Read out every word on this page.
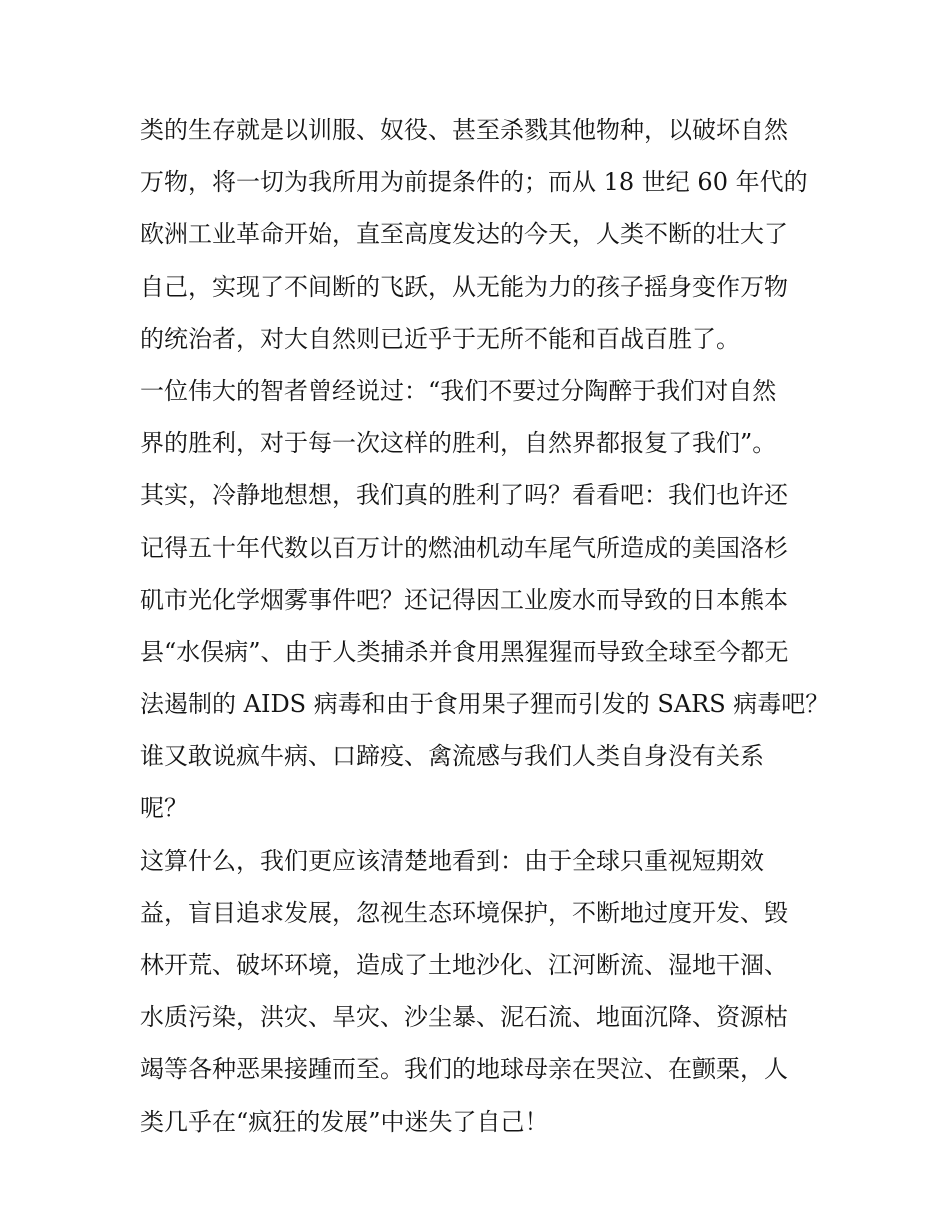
类的生存就是以训服、奴役、甚至杀戮其他物种，以破坏自然
万物，将一切为我所用为前提条件的；而从 18 世纪 60 年代的
欧洲工业革命开始，直至高度发达的今天，人类不断的壮大了
自己，实现了不间断的飞跃，从无能为力的孩子摇身变作万物
的统治者，对大自然则已近乎于无所不能和百战百胜了。
一位伟大的智者曾经说过：“我们不要过分陶醉于我们对自然
界的胜利，对于每一次这样的胜利，自然界都报复了我们”。
其实，冷静地想想，我们真的胜利了吗？看看吧：我们也许还
记得五十年代数以百万计的燃油机动车尾气所造成的美国洛杉
矶市光化学烟雾事件吧？还记得因工业废水而导致的日本熊本
县“水俣病”、由于人类捕杀并食用黑猩猩而导致全球至今都无
法遏制的 AIDS 病毒和由于食用果子狸而引发的 SARS 病毒吧？
谁又敢说疯牛病、口蹄疫、禽流感与我们人类自身没有关系
呢？
这算什么，我们更应该清楚地看到：由于全球只重视短期效
益，盲目追求发展，忽视生态环境保护，不断地过度开发、毁
林开荒、破坏环境，造成了土地沙化、江河断流、湿地干涸、
水质污染，洪灾、旱灾、沙尘暴、泥石流、地面沉降、资源枯
竭等各种恶果接踵而至。我们的地球母亲在哭泣、在颤栗，人
类几乎在“疯狂的发展”中迷失了自己！
